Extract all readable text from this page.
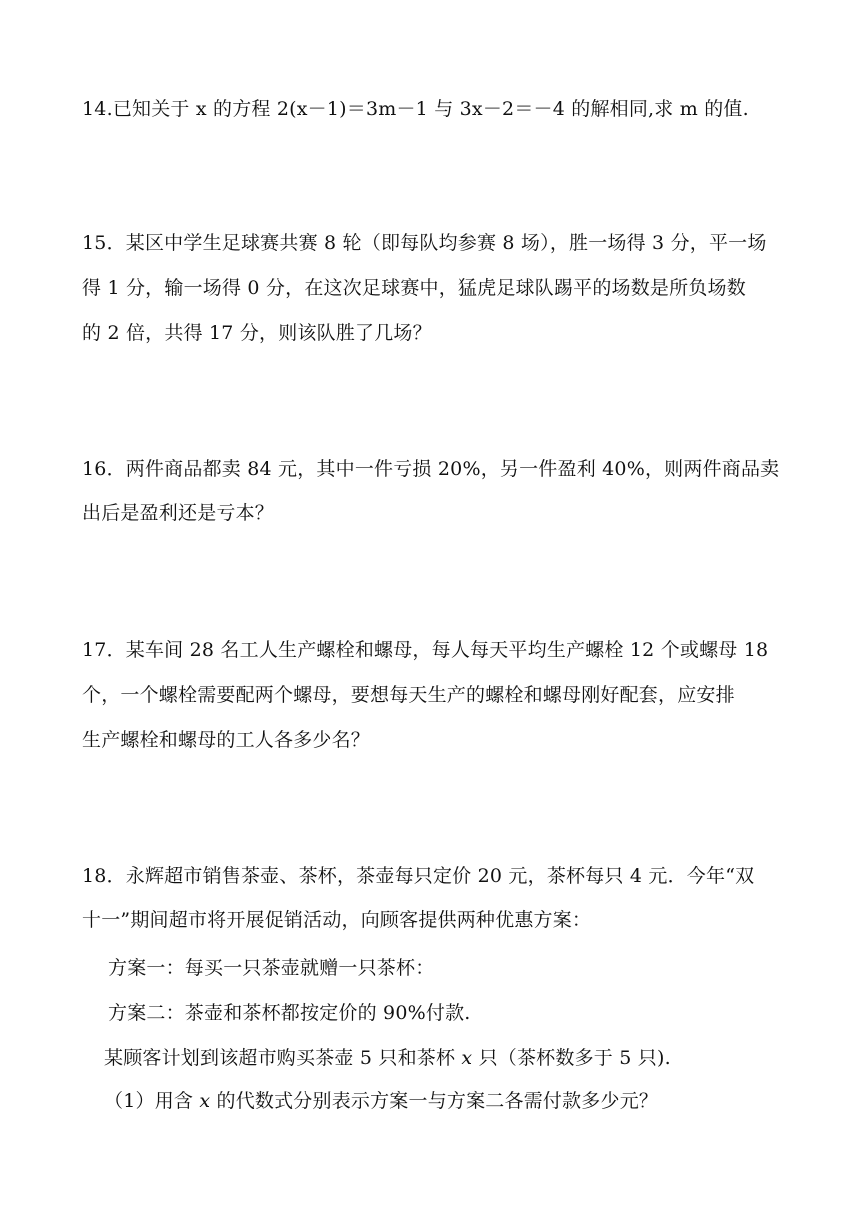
14.已知关于 x 的方程 2(x－1)＝3m－1 与 3x－2＝－4 的解相同,求 m 的值.
15．某区中学生足球赛共赛 8 轮（即每队均参赛 8 场），胜一场得 3 分，平一场
得 1 分，输一场得 0 分，在这次足球赛中，猛虎足球队踢平的场数是所负场数
的 2 倍，共得 17 分，则该队胜了几场？
16．两件商品都卖 84 元，其中一件亏损 20%，另一件盈利 40%，则两件商品卖
出后是盈利还是亏本？
17．某车间 28 名工人生产螺栓和螺母，每人每天平均生产螺栓 12 个或螺母 18
个，一个螺栓需要配两个螺母，要想每天生产的螺栓和螺母刚好配套，应安排
生产螺栓和螺母的工人各多少名？
18．永辉超市销售茶壶、茶杯，茶壶每只定价 20 元，茶杯每只 4 元．今年“双
十一”期间超市将开展促销活动，向顾客提供两种优惠方案：
方案一：每买一只茶壶就赠一只茶杯：
方案二：茶壶和茶杯都按定价的 90%付款.
某顾客计划到该超市购买茶壶 5 只和茶杯 x 只（茶杯数多于 5 只).
（1）用含 x 的代数式分别表示方案一与方案二各需付款多少元？
